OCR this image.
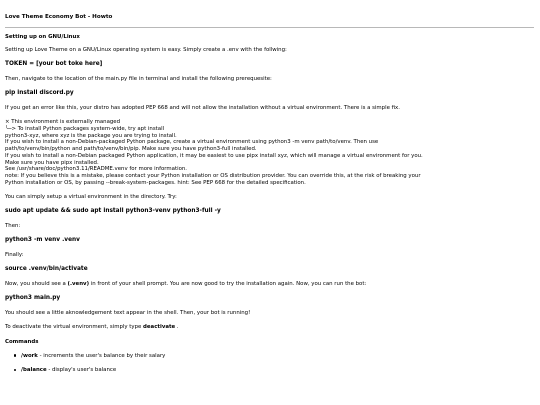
Love Theme Economy Bot - Howto
Setting up on GNU/Linux

Setting up Love Theme on a GNU/Linux operating system is easy. Simply create a .env with the follwing:

TOKEN = [your bot toke here]

Then, navigate to the location of the main.py file in terminal and install the following prerequesite:

pip install discord.py

If you get an error like this, your distro has adopted PEP 668 and will not allow the installation without a virtual environment. There is a simple fix.

× This environment is externally managed
╰─> To install Python packages system-wide, try apt install
python3-xyz, where xyz is the package you are trying to install.
If you wish to install a non-Debian-packaged Python package, create a virtual environment using python3 -m venv path/to/venv. Then use
path/to/venv/bin/python and path/to/venv/bin/pip. Make sure you have python3-full installed.
If you wish to install a non-Debian packaged Python application, it may be easiest to use pipx install xyz, which will manage a virtual environment for you.
Make sure you have pipx installed.
See /usr/share/doc/python3.11/README.venv for more information.
note: If you believe this is a mistake, please contact your Python installation or OS distribution provider. You can override this, at the risk of breaking your
Python installation or OS, by passing --break-system-packages. hint: See PEP 668 for the detailed specification.

You can simply setup a virtual environment in the directory. Try:

sudo apt update && sudo apt install python3-venv python3-full -y

Then:

python3 -m venv .venv

Finally:

source .venv/bin/activate

Now, you should see a (.venv) in front of your shell prompt. You are now good to try the installation again. Now, you can run the bot:

python3 main.py

You should see a little aknowledgement text appear in the shell. Then, your bot is running!

To deactivate the virtual environment, simply type deactivate .

Commands
/work - increments the user's balance by their salary
/balance - display's user's balance
